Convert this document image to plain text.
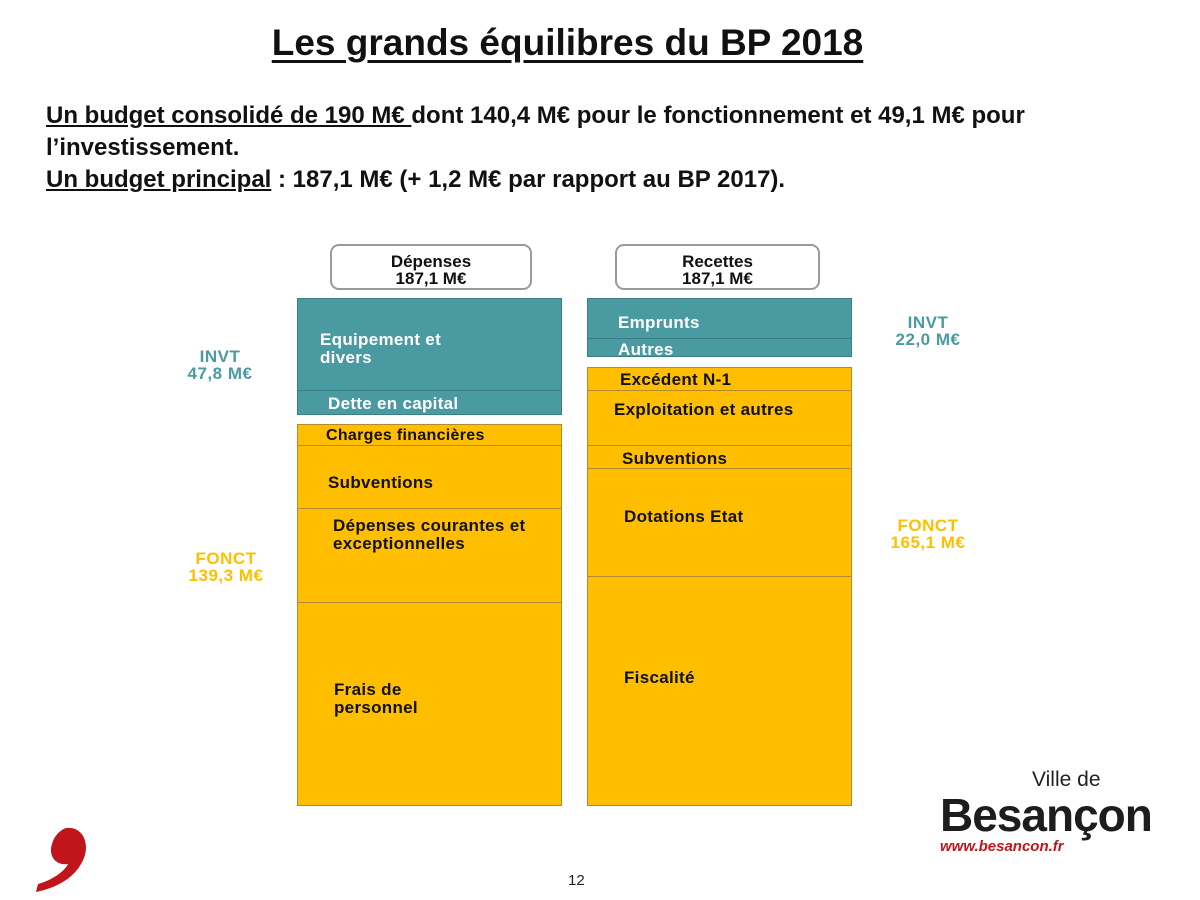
Les grands équilibres du BP 2018
Un budget consolidé de 190 M€ dont 140,4 M€ pour le fonctionnement et 49,1 M€ pour l’investissement.
Un budget principal : 187,1 M€ (+ 1,2 M€ par rapport au BP 2017).
Dépenses
187,1 M€
Recettes
187,1 M€
Equipement et divers
Dette en capital
Charges financières
Subventions
Dépenses courantes et exceptionnelles
Frais de personnel
Emprunts
Autres
Excédent N-1
Exploitation et autres
Subventions
Dotations Etat
Fiscalité
INVT
47,8 M€
FONCT
139,3 M€
INVT
22,0 M€
FONCT
165,1 M€
12
Ville de
Besançon
www.besancon.fr
